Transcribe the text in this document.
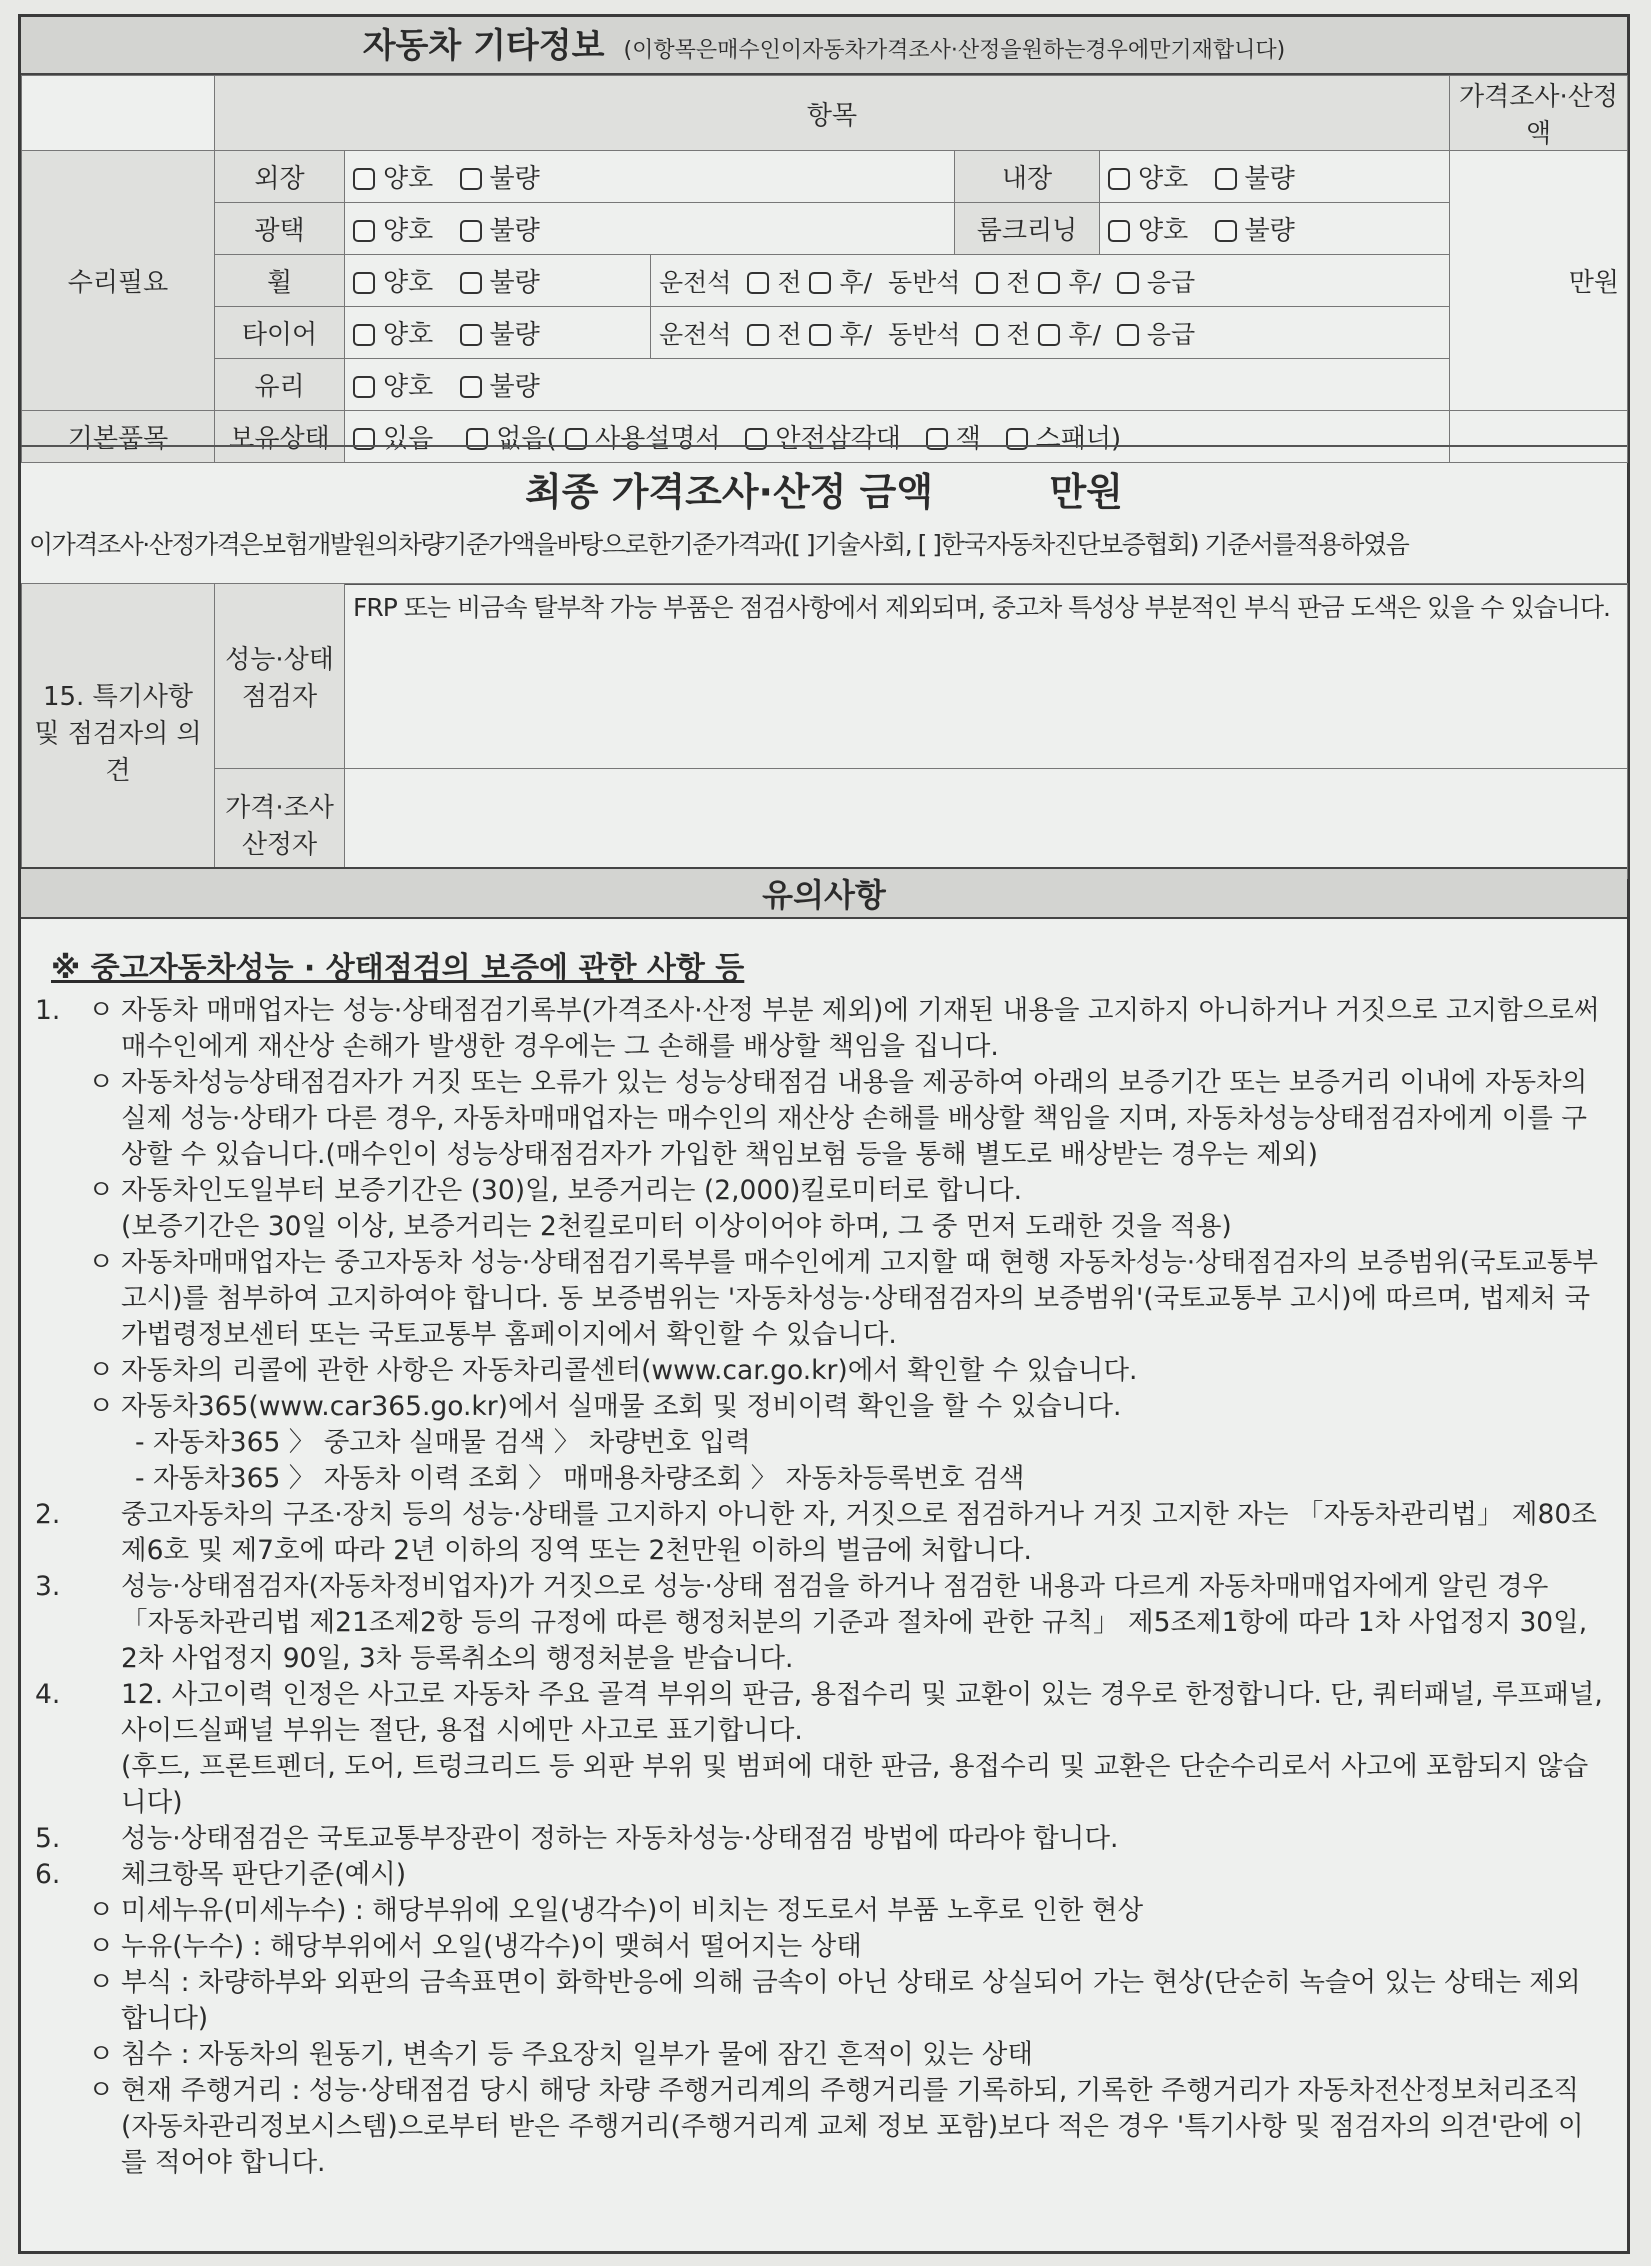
자동차 기타정보 (이항목은매수인이자동차가격조사·산정을원하는경우에만기재합니다)
	항목					가격조사·산정액
수리필요	외장	양호 불량		내장	양호 불량	만원
	광택	양호 불량		룸크리닝	양호 불량	
	휠	양호 불량	운전석 전 후/ 동반석 전 후/ 응급			
	타이어	양호 불량	운전석 전 후/ 동반석 전 후/ 응급			
	유리	양호 불량				
기본품목	보유상태	있음 없음( 사용설명서 안전삼각대 잭 스패너)				
최종 가격조사·산정 금액	만원
이가격조사·산정가격은보험개발원의차량기준가액을바탕으로한기준가격과([ ]기술사회, [ ]한국자동차진단보증협회) 기준서를적용하였음
15. 특기사항 및 점검자의 의견	성능·상태 점검자	FRP 또는 비금속 탈부착 가능 부품은 점검사항에서 제외되며, 중고차 특성상 부분적인 부식 판금 도색은 있을 수 있습니다.
	가격·조사 산정자	
유의사항
※ 중고자동차성능 · 상태점검의 보증에 관한 사항 등
1.	ㅇ 자동차 매매업자는 성능·상태점검기록부(가격조사·산정 부분 제외)에 기재된 내용을 고지하지 아니하거나 거짓으로 고지함으로써 매수인에게 재산상 손해가 발생한 경우에는 그 손해를 배상할 책임을 집니다.
ㅇ 자동차성능상태점검자가 거짓 또는 오류가 있는 성능상태점검 내용을 제공하여 아래의 보증기간 또는 보증거리 이내에 자동차의 실제 성능·상태가 다른 경우, 자동차매매업자는 매수인의 재산상 손해를 배상할 책임을 지며, 자동차성능상태점검자에게 이를 구상할 수 있습니다.(매수인이 성능상태점검자가 가입한 책임보험 등을 통해 별도로 배상받는 경우는 제외)
ㅇ 자동차인도일부터 보증기간은 (30)일, 보증거리는 (2,000)킬로미터로 합니다.
(보증기간은 30일 이상, 보증거리는 2천킬로미터 이상이어야 하며, 그 중 먼저 도래한 것을 적용)
ㅇ 자동차매매업자는 중고자동차 성능·상태점검기록부를 매수인에게 고지할 때 현행 자동차성능·상태점검자의 보증범위(국토교통부 고시)를 첨부하여 고지하여야 합니다. 동 보증범위는 '자동차성능·상태점검자의 보증범위'(국토교통부 고시)에 따르며, 법제처 국가법령정보센터 또는 국토교통부 홈페이지에서 확인할 수 있습니다.
ㅇ 자동차의 리콜에 관한 사항은 자동차리콜센터(www.car.go.kr)에서 확인할 수 있습니다.
ㅇ 자동차365(www.car365.go.kr)에서 실매물 조회 및 정비이력 확인을 할 수 있습니다.
- 자동차365 〉 중고차 실매물 검색 〉 차량번호 입력
- 자동차365 〉 자동차 이력 조회 〉 매매용차량조회 〉 자동차등록번호 검색
2.	중고자동차의 구조·장치 등의 성능·상태를 고지하지 아니한 자, 거짓으로 점검하거나 거짓 고지한 자는 「자동차관리법」 제80조제6호 및 제7호에 따라 2년 이하의 징역 또는 2천만원 이하의 벌금에 처합니다.
3.	성능·상태점검자(자동차정비업자)가 거짓으로 성능·상태 점검을 하거나 점검한 내용과 다르게 자동차매매업자에게 알린 경우 「자동차관리법 제21조제2항 등의 규정에 따른 행정처분의 기준과 절차에 관한 규칙」 제5조제1항에 따라 1차 사업정지 30일, 2차 사업정지 90일, 3차 등록취소의 행정처분을 받습니다.
4.	12. 사고이력 인정은 사고로 자동차 주요 골격 부위의 판금, 용접수리 및 교환이 있는 경우로 한정합니다. 단, 쿼터패널, 루프패널, 사이드실패널 부위는 절단, 용접 시에만 사고로 표기합니다.
(후드, 프론트펜더, 도어, 트렁크리드 등 외판 부위 및 범퍼에 대한 판금, 용접수리 및 교환은 단순수리로서 사고에 포함되지 않습니다)
5.	성능·상태점검은 국토교통부장관이 정하는 자동차성능·상태점검 방법에 따라야 합니다.
6.	체크항목 판단기준(예시)
ㅇ 미세누유(미세누수) : 해당부위에 오일(냉각수)이 비치는 정도로서 부품 노후로 인한 현상
ㅇ 누유(누수) : 해당부위에서 오일(냉각수)이 맺혀서 떨어지는 상태
ㅇ 부식 : 차량하부와 외판의 금속표면이 화학반응에 의해 금속이 아닌 상태로 상실되어 가는 현상(단순히 녹슬어 있는 상태는 제외합니다)
ㅇ 침수 : 자동차의 원동기, 변속기 등 주요장치 일부가 물에 잠긴 흔적이 있는 상태
ㅇ 현재 주행거리 : 성능·상태점검 당시 해당 차량 주행거리계의 주행거리를 기록하되, 기록한 주행거리가 자동차전산정보처리조직(자동차관리정보시스템)으로부터 받은 주행거리(주행거리계 교체 정보 포함)보다 적은 경우 '특기사항 및 점검자의 의견'란에 이를 적어야 합니다.
